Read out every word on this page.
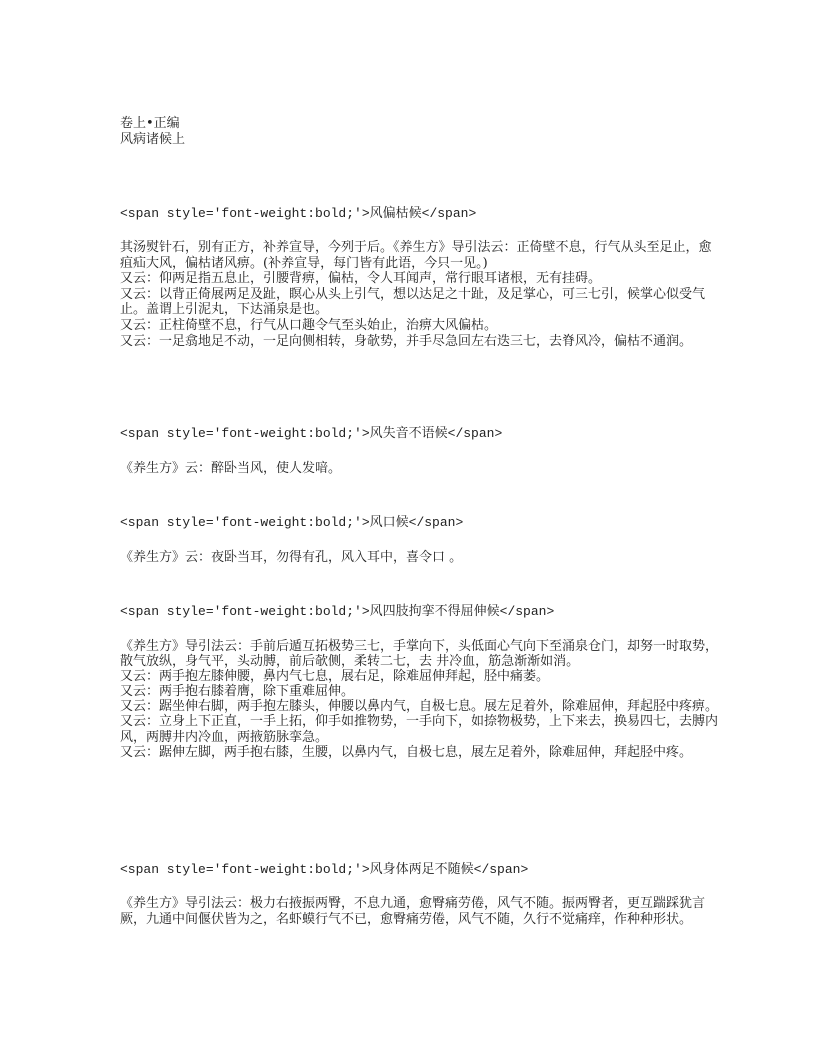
卷上•正编
风病诸候上
<span style='font-weight:bold;'>风偏枯候</span>
其汤熨针石，别有正方，补养宣导，今列于后。《养生方》导引法云：正倚壁不息，行气从头至足止，愈疽疝大风，偏枯诸风痹。(补养宣导，每门皆有此语，今只一见。)
又云：仰两足指五息止，引腰背痹，偏枯，令人耳闻声，常行眼耳诸根，无有挂碍。
又云：以背正倚展两足及趾，瞑心从头上引气，想以达足之十趾，及足掌心，可三七引，候掌心似受气止。盖谓上引泥丸，下达涌泉是也。
又云：正柱倚壁不息，行气从口趣令气至头始止，治痹大风偏枯。
又云：一足翕地足不动，一足向侧相转，身欹势，并手尽急回左右迭三七，去脊风冷，偏枯不通润。
<span style='font-weight:bold;'>风失音不语候</span>
《养生方》云：醉卧当风，使人发喑。
<span style='font-weight:bold;'>风口候</span>
《养生方》云：夜卧当耳，勿得有孔，风入耳中，喜令口 。
<span style='font-weight:bold;'>风四肢拘挛不得屈伸候</span>
《养生方》导引法云：手前后遁互拓极势三七，手掌向下，头低面心气向下至涌泉仓门，却努一时取势，散气放纵，身气平，头动膊，前后欹侧，柔转二七，去 井冷血，筋急渐渐如消。
又云：两手抱左膝伸腰，鼻内气七息，展右足，除难屈伸拜起，胫中痛萎。
又云：两手抱右膝着膺，除下重难屈伸。
又云：踞坐伸右脚，两手抱左膝头，伸腰以鼻内气，自极七息。展左足着外，除难屈伸，拜起胫中疼痹。
又云：立身上下正直，一手上拓，仰手如推物势，一手向下，如捺物极势，上下来去，换易四七，去膊内风，两膊井内冷血，两掖筋脉挛急。
又云：踞伸左脚，两手抱右膝，生腰，以鼻内气，自极七息，展左足着外，除难屈伸，拜起胫中疼。
<span style='font-weight:bold;'>风身体两足不随候</span>
《养生方》导引法云：极力右掖振两臀，不息九通，愈臀痛劳倦，风气不随。振两臀者，更互踹踩犹言厥，九通中间偃伏皆为之，名虾蟆行气不已，愈臀痛劳倦，风气不随，久行不觉痛痒，作种种形状。
